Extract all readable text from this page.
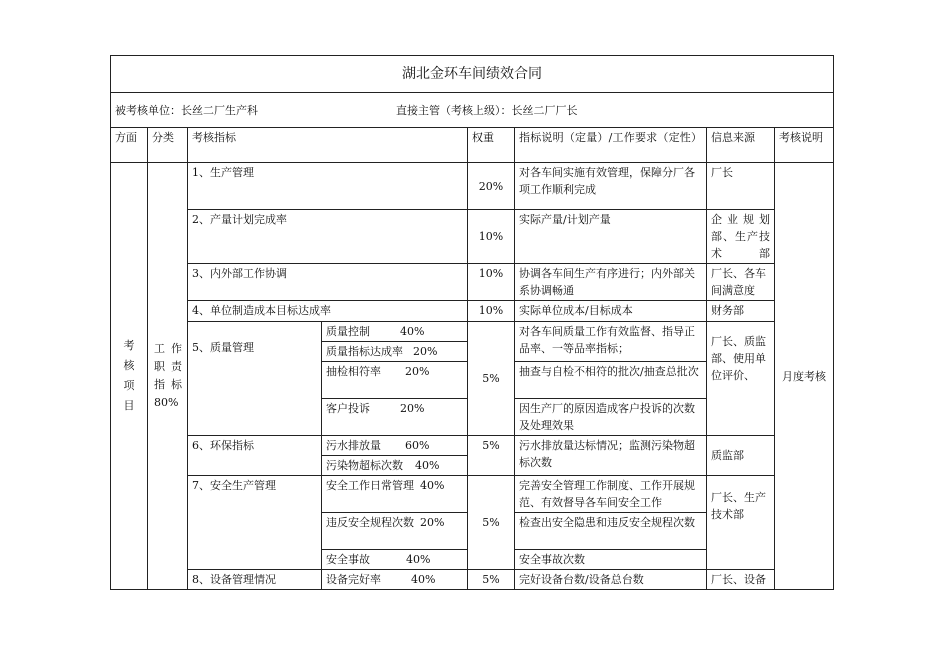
湖北金环车间绩效合同							
被考核单位：长丝二厂生产科 直接主管（考核上级）：长丝二厂厂长							
方面	分类	考核指标		权重	指标说明（定量）/工作要求（定性）	信息来源	考核说明

考核项目	工作职责指标80%	1、生产管理		20%	对各车间实施有效管理，保障分厂各项工作顺利完成	厂长	月度考核
		2、产量计划完成率		10%	实际产量/计划产量	企业规划部、生产技术部	
		3、内外部工作协调		10%	协调各车间生产有序进行；内外部关系协调畅通	厂长、各车间满意度	
		4、单位制造成本目标达成率		10%	实际单位成本/目标成本	财务部	

		5、质量管理	质量控制 40%	5%	对各车间质量工作有效监督、指导正品率、一等品率指标；	厂长、质监部、使用单位评价、	

			质量指标达成率 20%				
			抽检相符率 20%		抽查与自检不相符的批次/抽查总批次		
			客户投诉 20%		因生产厂的原因造成客户投诉的次数及处理效果		
		6、环保指标	污水排放量 60%	5%	污水排放量达标情况；监测污染物超标次数	质监部	
			污染物超标次数 40%				
		7、安全生产管理	安全工作日常管理 40%	5%	完善安全管理工作制度、工作开展规范、有效督导各车间安全工作	厂长、生产技术部	

			违反安全规程次数 20%		检查出安全隐患和违反安全规程次数		
			安全事故 40%		安全事故次数		
		8、设备管理情况	设备完好率 40%	5%	完好设备台数/设备总台数	厂长、设备	
